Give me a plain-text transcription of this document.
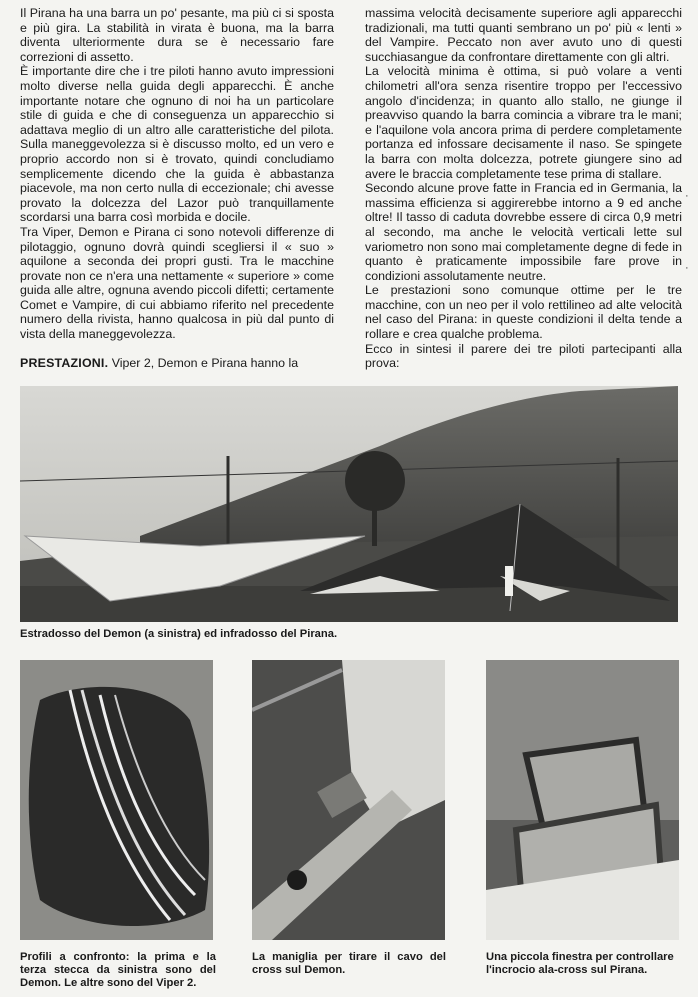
Il Pirana ha una barra un po' pesante, ma più ci si sposta e più gira. La stabilità in virata è buona, ma la barra diventa ulteriormente dura se è necessario fare correzioni di assetto.

È importante dire che i tre piloti hanno avuto impressioni molto diverse nella guida degli apparecchi. È anche importante notare che ognuno di noi ha un particolare stile di guida e che di conseguenza un apparecchio si adattava meglio di un altro alle caratteristiche del pilota. Sulla maneggevolezza si è discusso molto, ed un vero e proprio accordo non si è trovato, quindi concludiamo semplicemente dicendo che la guida è abbastanza piacevole, ma non certo nulla di eccezionale; chi avesse provato la dolcezza del Lazor può tranquillamente scordarsi una barra così morbida e docile.

Tra Viper, Demon e Pirana ci sono notevoli differenze di pilotaggio, ognuno dovrà quindi scegliersi il « suo » aquilone a seconda dei propri gusti. Tra le macchine provate non ce n'era una nettamente « superiore » come guida alle altre, ognuna avendo piccoli difetti; certamente Comet e Vampire, di cui abbiamo riferito nel precedente numero della rivista, hanno qualcosa in più dal punto di vista della maneggevolezza.

PRESTAZIONI. Viper 2, Demon e Pirana hanno la

massima velocità decisamente superiore agli apparecchi tradizionali, ma tutti quanti sembrano un po' più « lenti » del Vampire. Peccato non aver avuto uno di questi succhiasangue da confrontare direttamente con gli altri.

La velocità minima è ottima, si può volare a venti chilometri all'ora senza risentire troppo per l'eccessivo angolo d'incidenza; in quanto allo stallo, ne giunge il preavviso quando la barra comincia a vibrare tra le mani; e l'aquilone vola ancora prima di perdere completamente portanza ed infossare decisamente il naso. Se spingete la barra con molta dolcezza, potrete giungere sino ad avere le braccia completamente tese prima di stallare.

Secondo alcune prove fatte in Francia ed in Germania, la massima efficienza si aggirerebbe intorno a 9 ed anche oltre! Il tasso di caduta dovrebbe essere di circa 0,9 metri al secondo, ma anche le velocità verticali lette sul variometro non sono mai completamente degne di fede in quanto è praticamente impossibile fare prove in condizioni assolutamente neutre.

Le prestazioni sono comunque ottime per le tre macchine, con un neo per il volo rettilineo ad alte velocità nel caso del Pirana: in queste condizioni il delta tende a rollare e crea qualche problema.

Ecco in sintesi il parere dei tre piloti partecipanti alla prova:

·
·
Estradosso del Demon (a sinistra) ed infradosso del Pirana.
Profili a confronto: la prima e la terza stecca da sinistra sono del Demon. Le altre sono del Viper 2.
La maniglia per tirare il cavo del cross sul Demon.
Una piccola finestra per controllare l'incrocio ala-cross sul Pirana.
